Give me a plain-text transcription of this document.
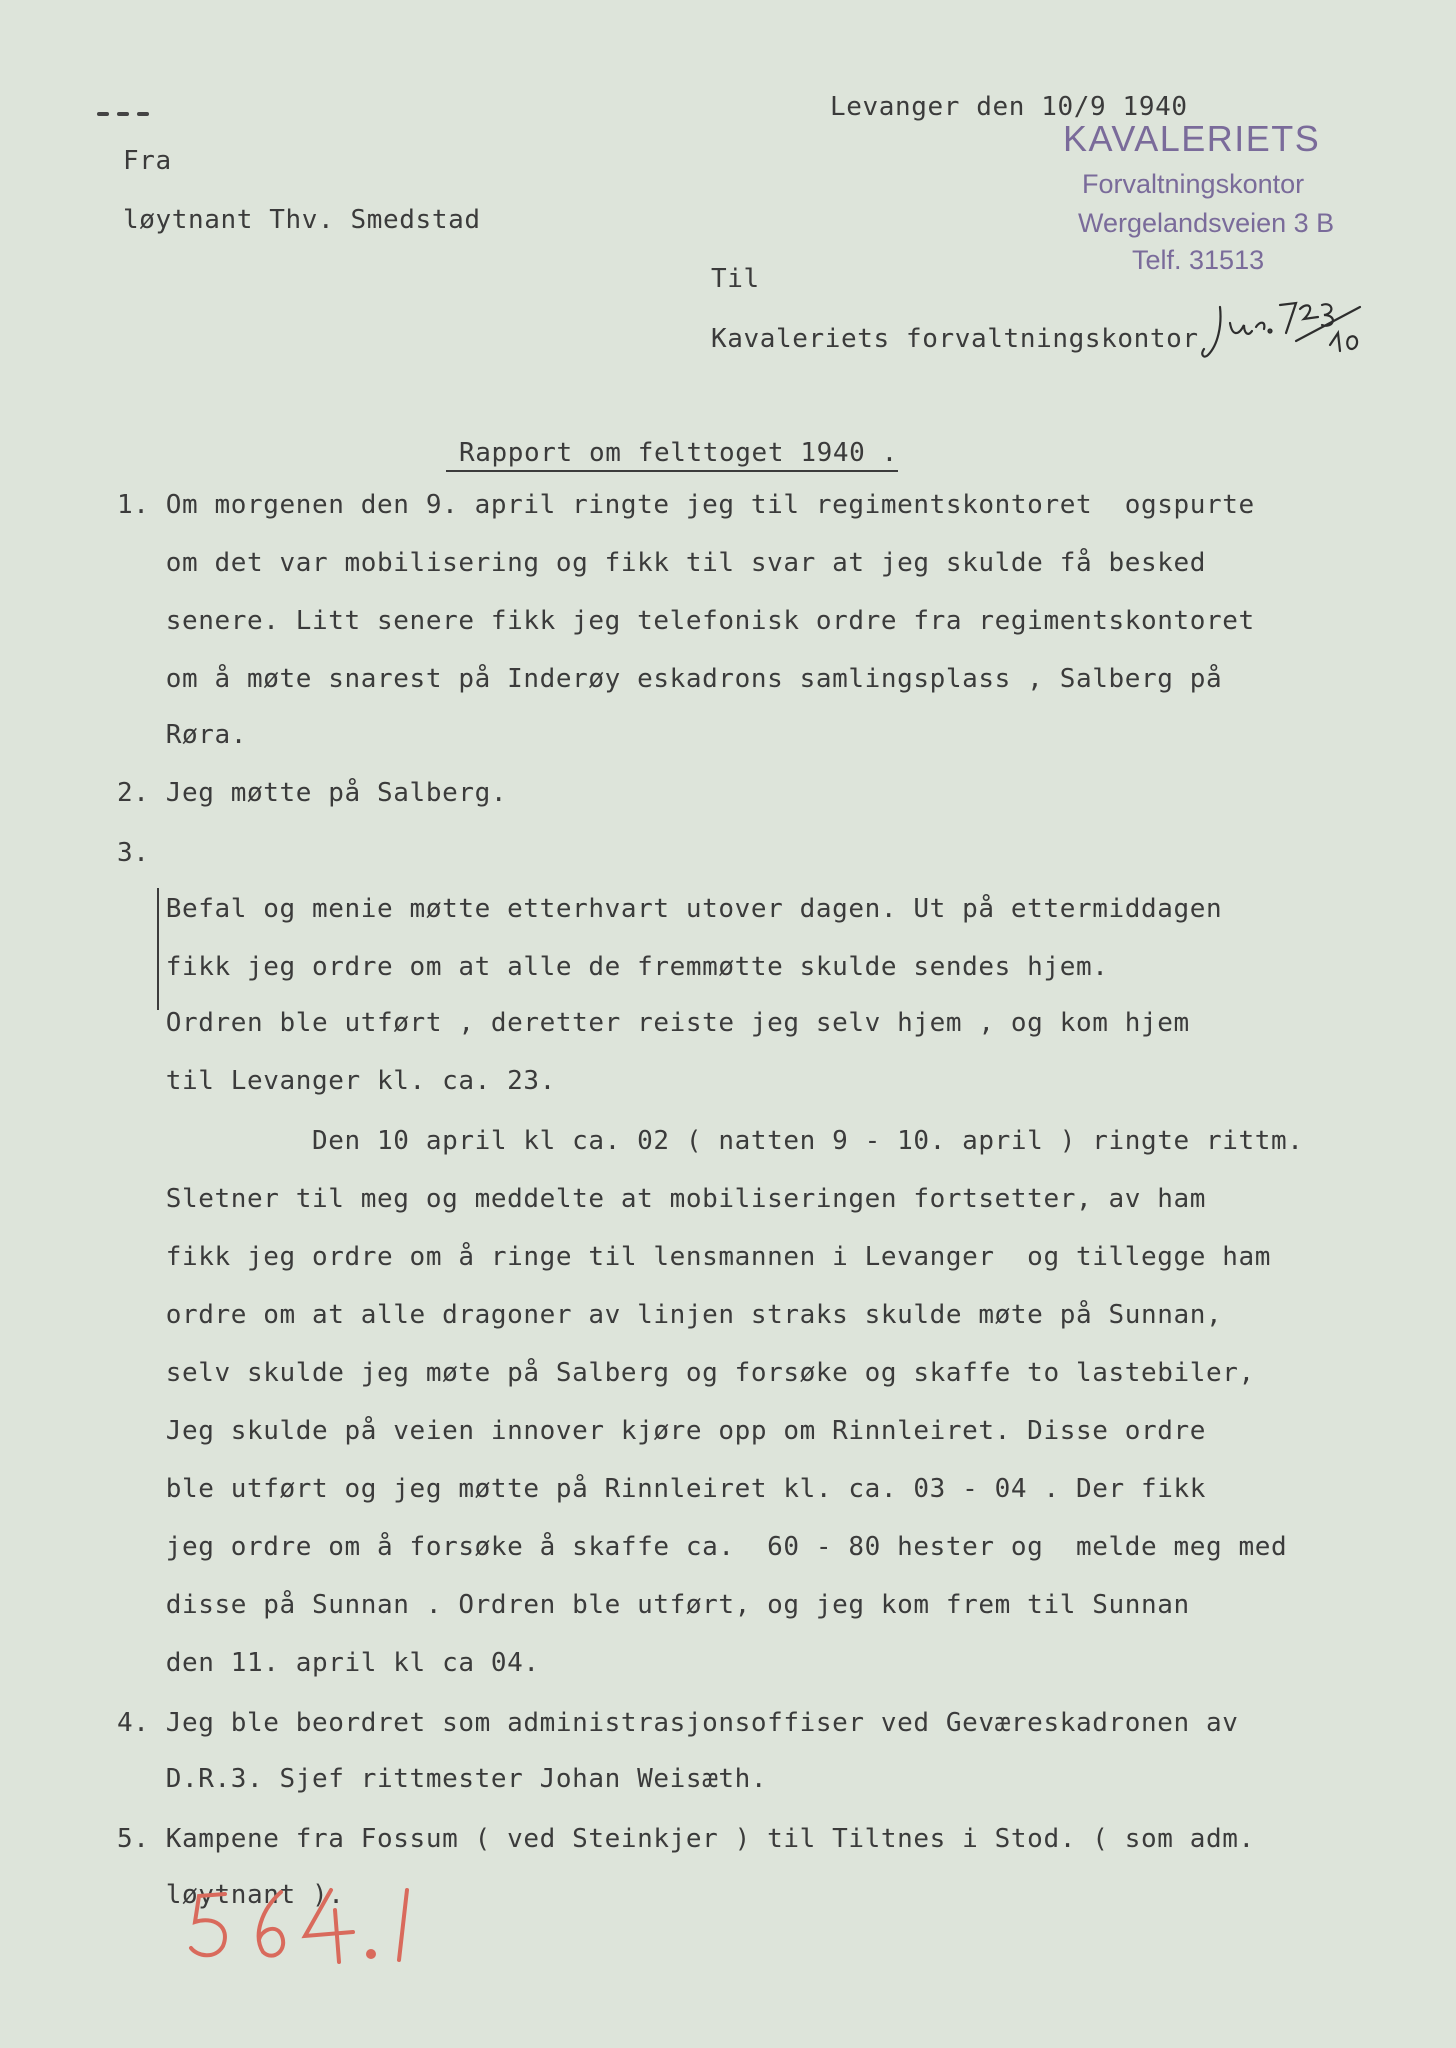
Levanger den 10/9 1940
Fra
løytnant Thv. Smedstad
Til
Kavaleriets forvaltningskontor
KAVALERIETS
Forvaltningskontor
Wergelandsveien 3 B
Telf. 31513
Rapport om felttoget 1940 .
1. Om morgenen den 9. april ringte jeg til regimentskontoret  ogspurte
om det var mobilisering og fikk til svar at jeg skulde få besked
senere. Litt senere fikk jeg telefonisk ordre fra regimentskontoret
om å møte snarest på Inderøy eskadrons samlingsplass , Salberg på
Røra.
2. Jeg møtte på Salberg.
3.
Befal og menie møtte etterhvart utover dagen. Ut på ettermiddagen
fikk jeg ordre om at alle de fremmøtte skulde sendes hjem.
Ordren ble utført , deretter reiste jeg selv hjem , og kom hjem
til Levanger kl. ca. 23.
Den 10 april kl ca. 02 ( natten 9 - 10. april ) ringte rittm.
Sletner til meg og meddelte at mobiliseringen fortsetter, av ham
fikk jeg ordre om å ringe til lensmannen i Levanger  og tillegge ham
ordre om at alle dragoner av linjen straks skulde møte på Sunnan,
selv skulde jeg møte på Salberg og forsøke og skaffe to lastebiler,
Jeg skulde på veien innover kjøre opp om Rinnleiret. Disse ordre
ble utført og jeg møtte på Rinnleiret kl. ca. 03 - 04 . Der fikk
jeg ordre om å forsøke å skaffe ca.  60 - 80 hester og  melde meg med
disse på Sunnan . Ordren ble utført, og jeg kom frem til Sunnan
den 11. april kl ca 04.
4. Jeg ble beordret som administrasjonsoffiser ved Geværeskadronen av
D.R.3. Sjef rittmester Johan Weisæth.
5. Kampene fra Fossum ( ved Steinkjer ) til Tiltnes i Stod. ( som adm.
løytnant ).
